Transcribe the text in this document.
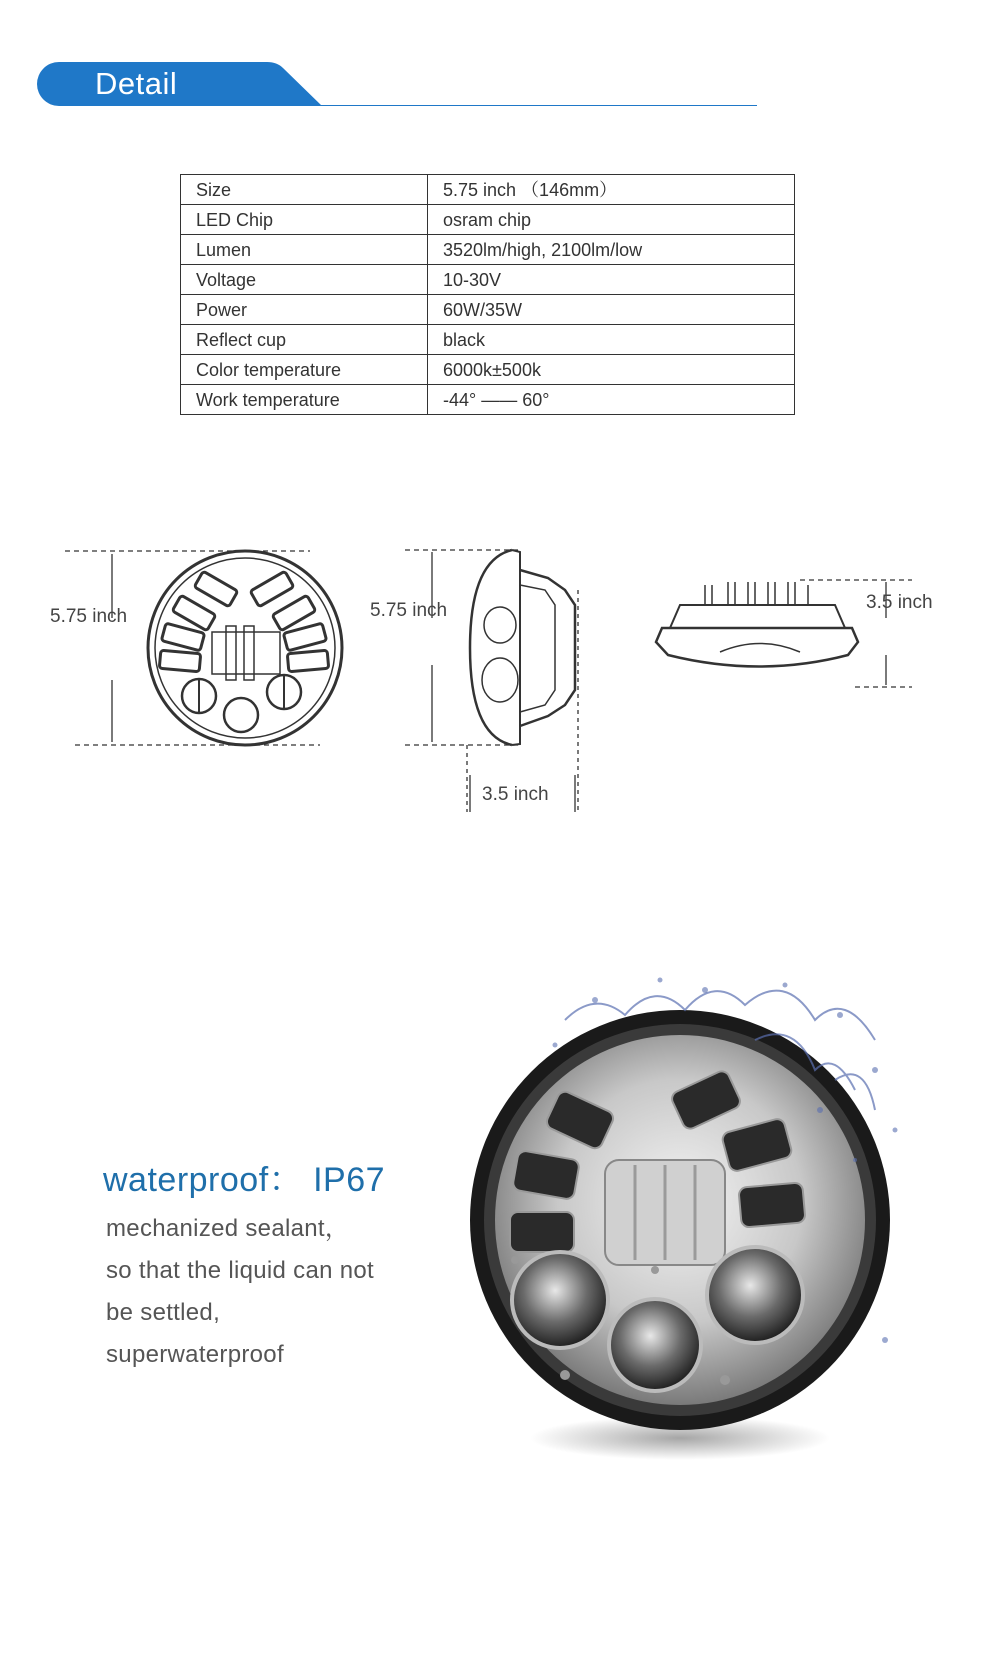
Detail
Size	5.75 inch （146mm）
LED Chip	osram chip
Lumen	3520lm/high, 2100lm/low
Voltage	10-30V
Power	60W/35W
Reflect cup	black
Color temperature	6000k±500k
Work temperature	-44° —— 60°
5.75 inch	5.75 inch
3.5 inch
3.5 inch
waterproof： IP67
mechanized sealant，
so that the liquid can not
be settled,
superwaterproof
